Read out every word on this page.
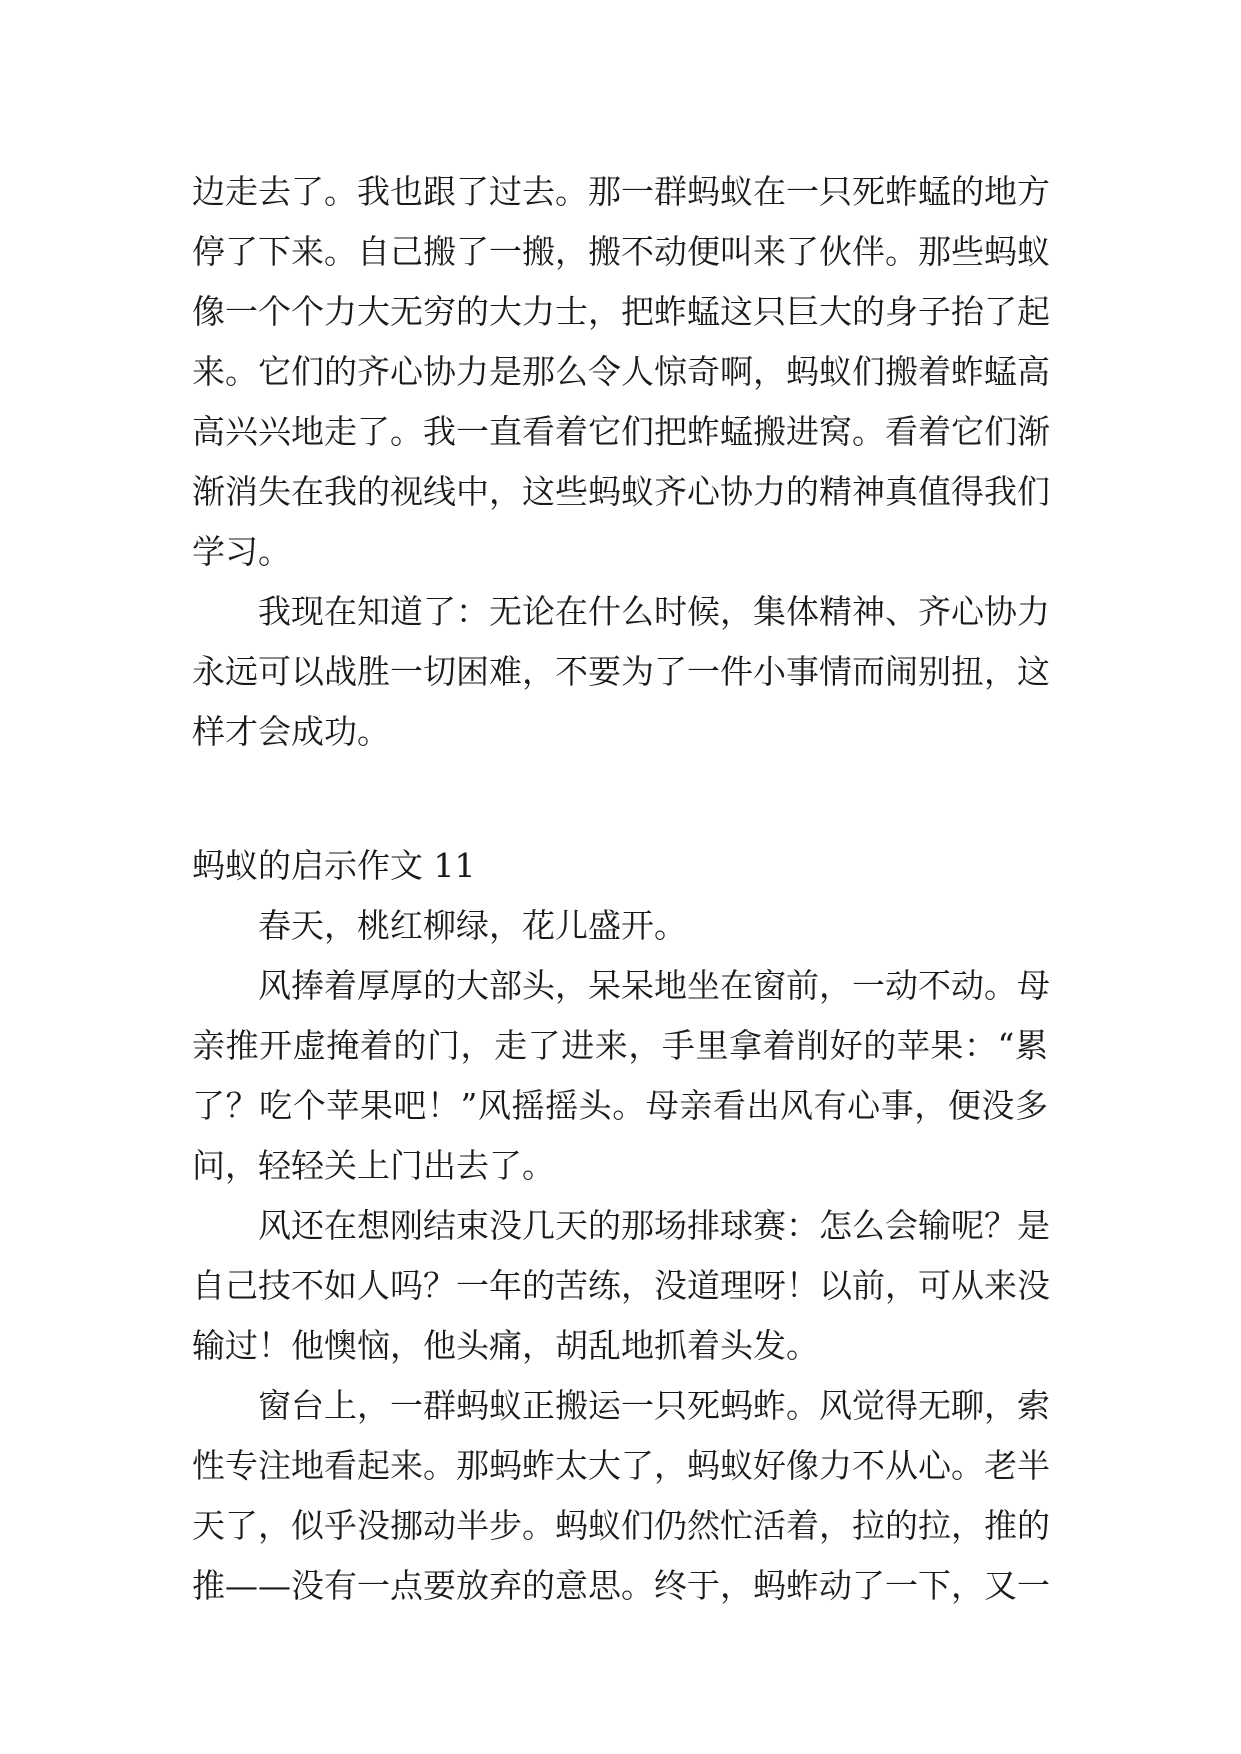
边走去了。我也跟了过去。那一群蚂蚁在一只死蚱蜢的地方
停了下来。自己搬了一搬，搬不动便叫来了伙伴。那些蚂蚁
像一个个力大无穷的大力士，把蚱蜢这只巨大的身子抬了起
来。它们的齐心协力是那么令人惊奇啊，蚂蚁们搬着蚱蜢高
高兴兴地走了。我一直看着它们把蚱蜢搬进窝。看着它们渐
渐消失在我的视线中，这些蚂蚁齐心协力的精神真值得我们
学习。
我现在知道了：无论在什么时候，集体精神、齐心协力
永远可以战胜一切困难，不要为了一件小事情而闹别扭，这
样才会成功。
蚂蚁的启示作文 11
春天，桃红柳绿，花儿盛开。
风捧着厚厚的大部头，呆呆地坐在窗前，一动不动。母
亲推开虚掩着的门，走了进来，手里拿着削好的苹果：“累
了？吃个苹果吧！”风摇摇头。母亲看出风有心事，便没多
问，轻轻关上门出去了。
风还在想刚结束没几天的那场排球赛：怎么会输呢？是
自己技不如人吗？一年的苦练，没道理呀！以前，可从来没
输过！他懊恼，他头痛，胡乱地抓着头发。
窗台上，一群蚂蚁正搬运一只死蚂蚱。风觉得无聊，索
性专注地看起来。那蚂蚱太大了，蚂蚁好像力不从心。老半
天了，似乎没挪动半步。蚂蚁们仍然忙活着，拉的拉，推的
推——没有一点要放弃的意思。终于，蚂蚱动了一下，又一
